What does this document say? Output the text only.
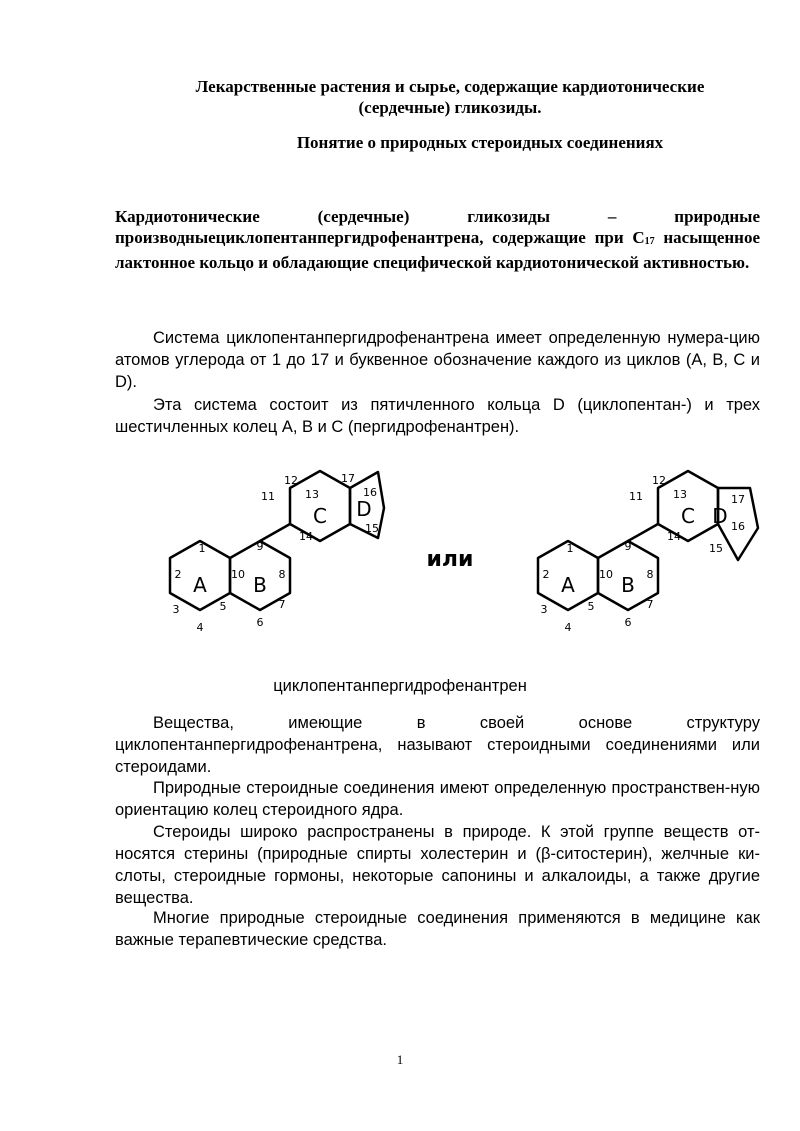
Лекарственные растения и сырье, содержащие кардиотонические
(сердечные) гликозиды.
Понятие о природных стероидных соединениях
Кардиотонические (сердечные) гликозиды – природные производныециклопентанпергидрофенантрена, содержащие при $С_{17}$ насыщенное лактонное кольцо и обладающие специфической кардиотонической активностью.
Система циклопентанпергидрофенантрена имеет определенную нумера-цию атомов углерода от 1 до 17 и буквенное обозначение каждого из циклов (A, B, C и D).
Эта система состоит из пятичленного кольца D (циклопентан-) и трех шестичленных колец A, B и C (пергидрофенантрен).
A B
C D
A B
C D
1
2
3
4
5
6
7
8
9
10
11
12
13
14
15
16
17
1
2
3
4
5
6
7
8
9
10
11
12
13
14
15
16
17
или
циклопентанпергидрофенантрен
Вещества, имеющие в своей основе структуру циклопентанпергидрофенантрена, называют стероидными соединениями или стероидами.
Природные стероидные соединения имеют определенную пространствен-ную ориентацию колец стероидного ядра.
Стероиды широко распространены в природе. К этой группе веществ от-носятся стерины (природные спирты холестерин и (β-ситостерин), желчные ки-слоты, стероидные гормоны, некоторые сапонины и алкалоиды, а также другие вещества.
Многие природные стероидные соединения применяются в медицине как важные терапевтические средства.
1
